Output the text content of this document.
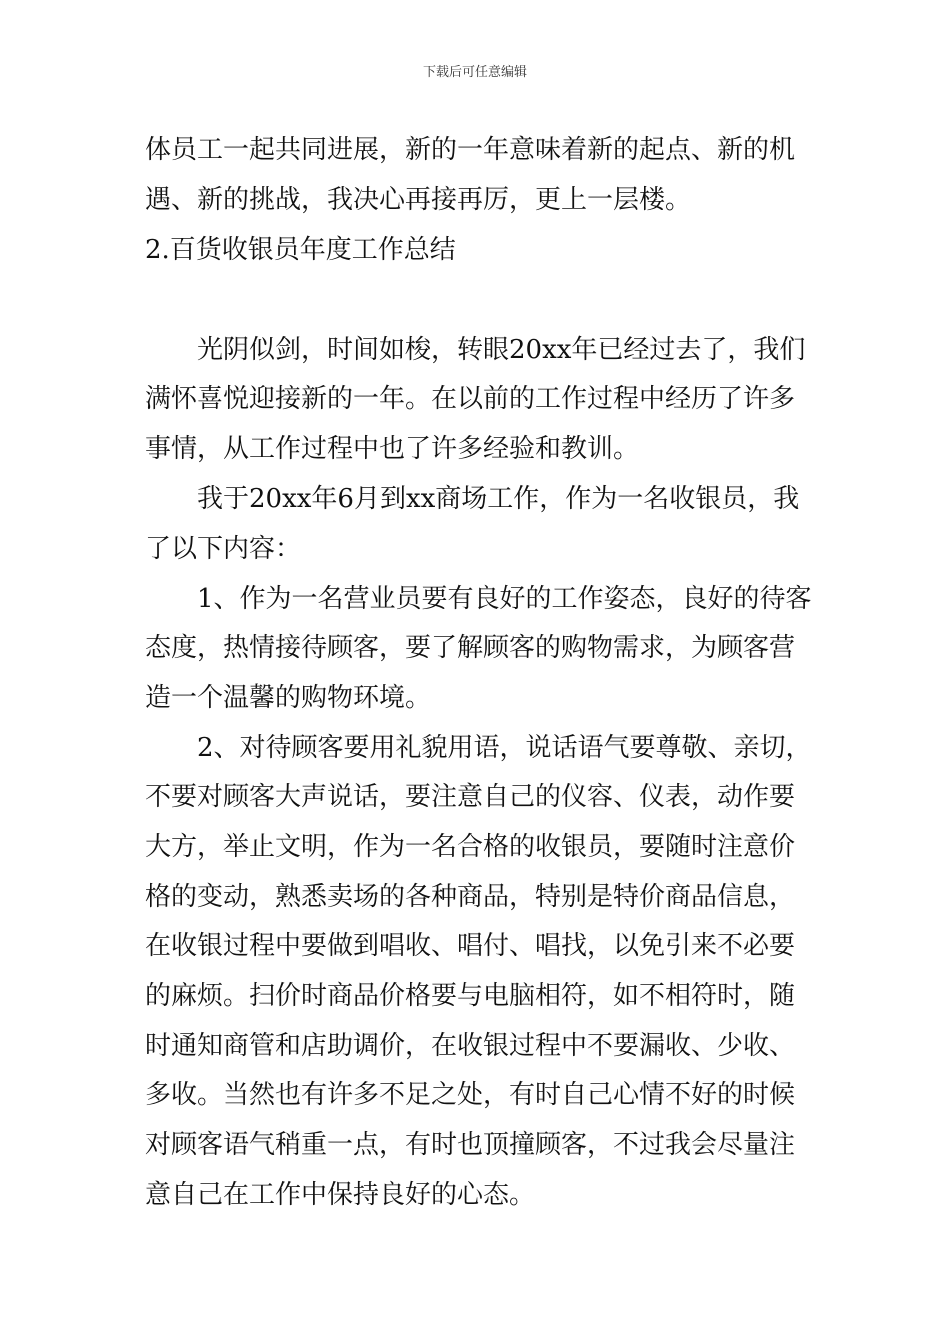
下载后可任意编辑
体员工一起共同进展，新的一年意味着新的起点、新的机
遇、新的挑战，我决心再接再厉，更上一层楼。
2.百货收银员年度工作总结
光阴似剑，时间如梭，转眼20xx年已经过去了，我们
满怀喜悦迎接新的一年。在以前的工作过程中经历了许多
事情，从工作过程中也了许多经验和教训。
我于20xx年6月到xx商场工作，作为一名收银员，我
了以下内容：
1、作为一名营业员要有良好的工作姿态，良好的待客
态度，热情接待顾客，要了解顾客的购物需求，为顾客营
造一个温馨的购物环境。
2、对待顾客要用礼貌用语，说话语气要尊敬、亲切，
不要对顾客大声说话，要注意自己的仪容、仪表，动作要
大方，举止文明，作为一名合格的收银员，要随时注意价
格的变动，熟悉卖场的各种商品，特别是特价商品信息，
在收银过程中要做到唱收、唱付、唱找，以免引来不必要
的麻烦。扫价时商品价格要与电脑相符，如不相符时，随
时通知商管和店助调价，在收银过程中不要漏收、少收、
多收。当然也有许多不足之处，有时自己心情不好的时候
对顾客语气稍重一点，有时也顶撞顾客，不过我会尽量注
意自己在工作中保持良好的心态。
